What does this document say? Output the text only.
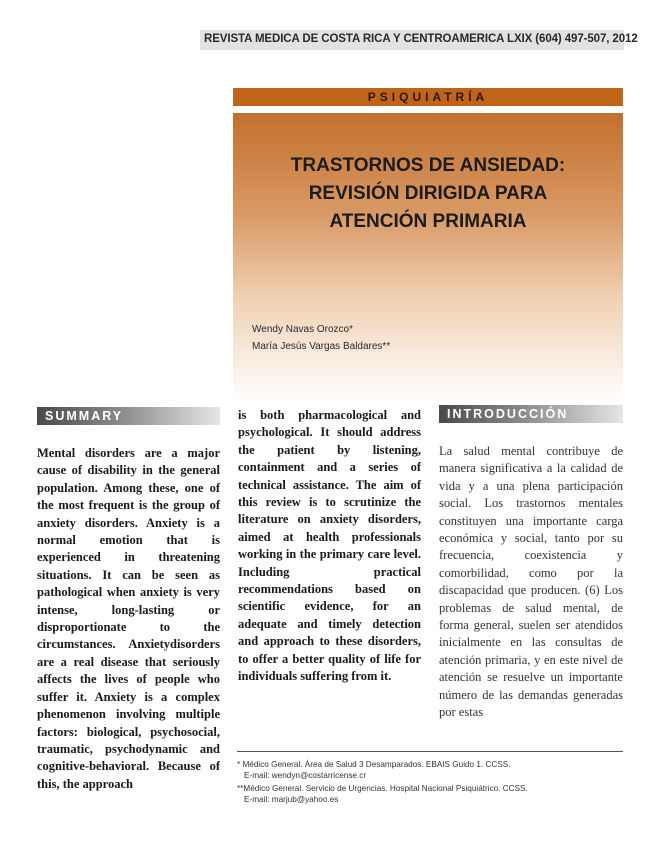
REVISTA MEDICA DE COSTA RICA Y CENTROAMERICA LXIX (604) 497-507, 2012
PSIQUIATRÍA
TRASTORNOS DE ANSIEDAD:
REVISIÓN DIRIGIDA PARA
ATENCIÓN PRIMARIA
Wendy Navas Orozco*
María Jesús Vargas Baldares**
SUMMARY
Mental disorders are a major cause of disability in the general population. Among these, one of the most frequent is the group of anxiety disorders. Anxiety is a normal emotion that is experienced in threatening situations. It can be seen as pathological when anxiety is very intense, long-lasting or disproportionate to the circumstances. Anxietydisorders are a real disease that seriously affects the lives of people who suffer it. Anxiety is a complex phenomenon involving multiple factors: biological, psychosocial, traumatic, psychodynamic and cognitive-behavioral. Because of this, the approach
is both pharmacological and psychological. It should address the patient by listening, containment and a series of technical assistance. The aim of this review is to scrutinize the literature on anxiety disorders, aimed at health professionals working in the primary care level. Including practical recommendations based on scientific evidence, for an adequate and timely detection and approach to these disorders, to offer a better quality of life for individuals suffering from it.
INTRODUCCIÓN
La salud mental contribuye de manera significativa a la calidad de vida y a una plena participación social. Los trastornos mentales constituyen una importante carga económica y social, tanto por su frecuencia, coexistencia y comorbilidad, como por la discapacidad que producen. (6) Los problemas de salud mental, de forma general, suelen ser atendidos inicialmente en las consultas de atención primaria, y en este nivel de atención se resuelve un importante número de las demandas generadas por estas
* Médico General. Área de Salud 3 Desamparados. EBAIS Guido 1. CCSS.
E-mail: wendyn@costarricense.cr
**Médico General. Servicio de Urgencias. Hospital Nacional Psiquiátrico. CCSS.
E-mail: marjub@yahoo.es
